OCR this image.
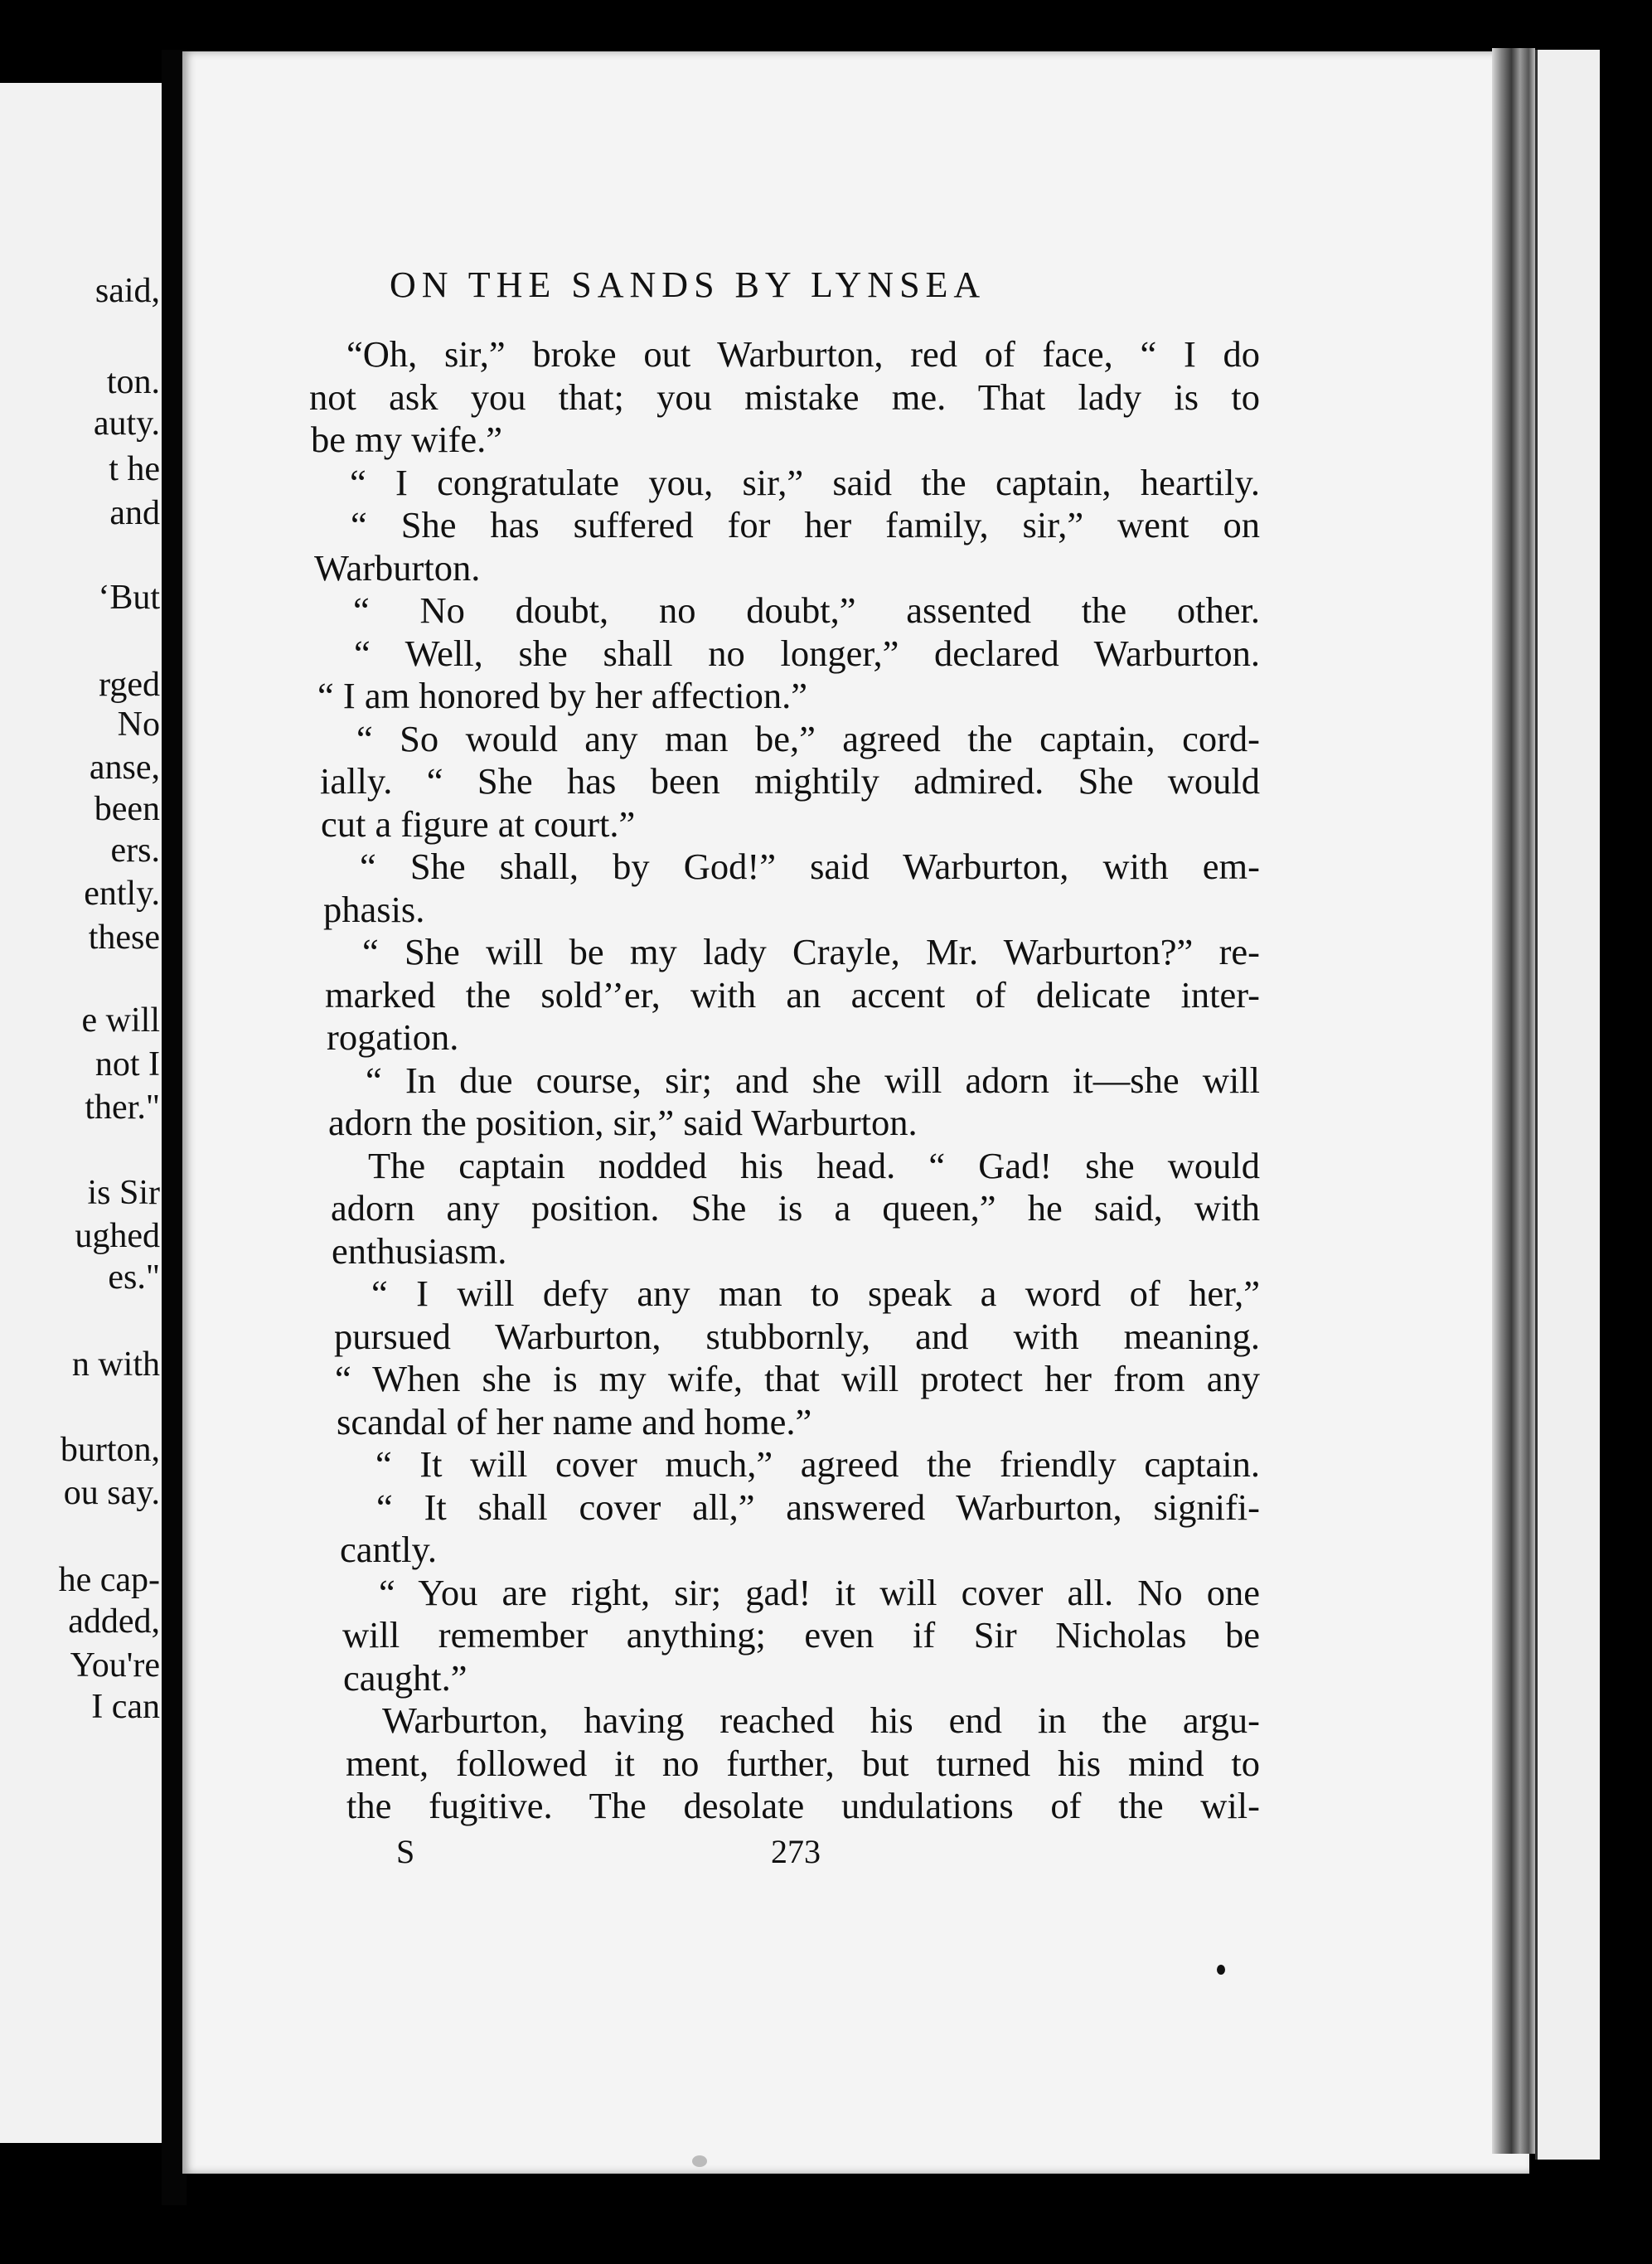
said,
ton.
auty.
t he
and
‘But
rged
No
anse,
been
ers.
ently.
these
e will
not I
ther."
is Sir
ughed
es."
n with
burton,
ou say.
he cap-
added,
You're
I can
ON THE SANDS BY LYNSEA
“Oh, sir,” broke out Warburton, red of face, “ I do
not ask you that; you mistake me. That lady is to
be my wife.”
“ I congratulate you, sir,” said the captain, heartily.
“ She has suffered for her family, sir,” went on
Warburton.
“ No doubt, no doubt,” assented the other.
“ Well, she shall no longer,” declared Warburton.
“ I am honored by her affection.”
“ So would any man be,” agreed the captain, cord-
ially. “ She has been mightily admired. She would
cut a figure at court.”
“ She shall, by God!” said Warburton, with em-
phasis.
“ She will be my lady Crayle, Mr. Warburton?” re-
marked the sold’’er, with an accent of delicate inter-
rogation.
“ In due course, sir; and she will adorn it—she will
adorn the position, sir,” said Warburton.
The captain nodded his head. “ Gad! she would
adorn any position. She is a queen,” he said, with
enthusiasm.
“ I will defy any man to speak a word of her,”
pursued Warburton, stubbornly, and with meaning.
“ When she is my wife, that will protect her from any
scandal of her name and home.”
“ It will cover much,” agreed the friendly captain.
“ It shall cover all,” answered Warburton, signifi-
cantly.
“ You are right, sir; gad! it will cover all. No one
will remember anything; even if Sir Nicholas be
caught.”
Warburton, having reached his end in the argu-
ment, followed it no further, but turned his mind to
the fugitive. The desolate undulations of the wil-
S	273
